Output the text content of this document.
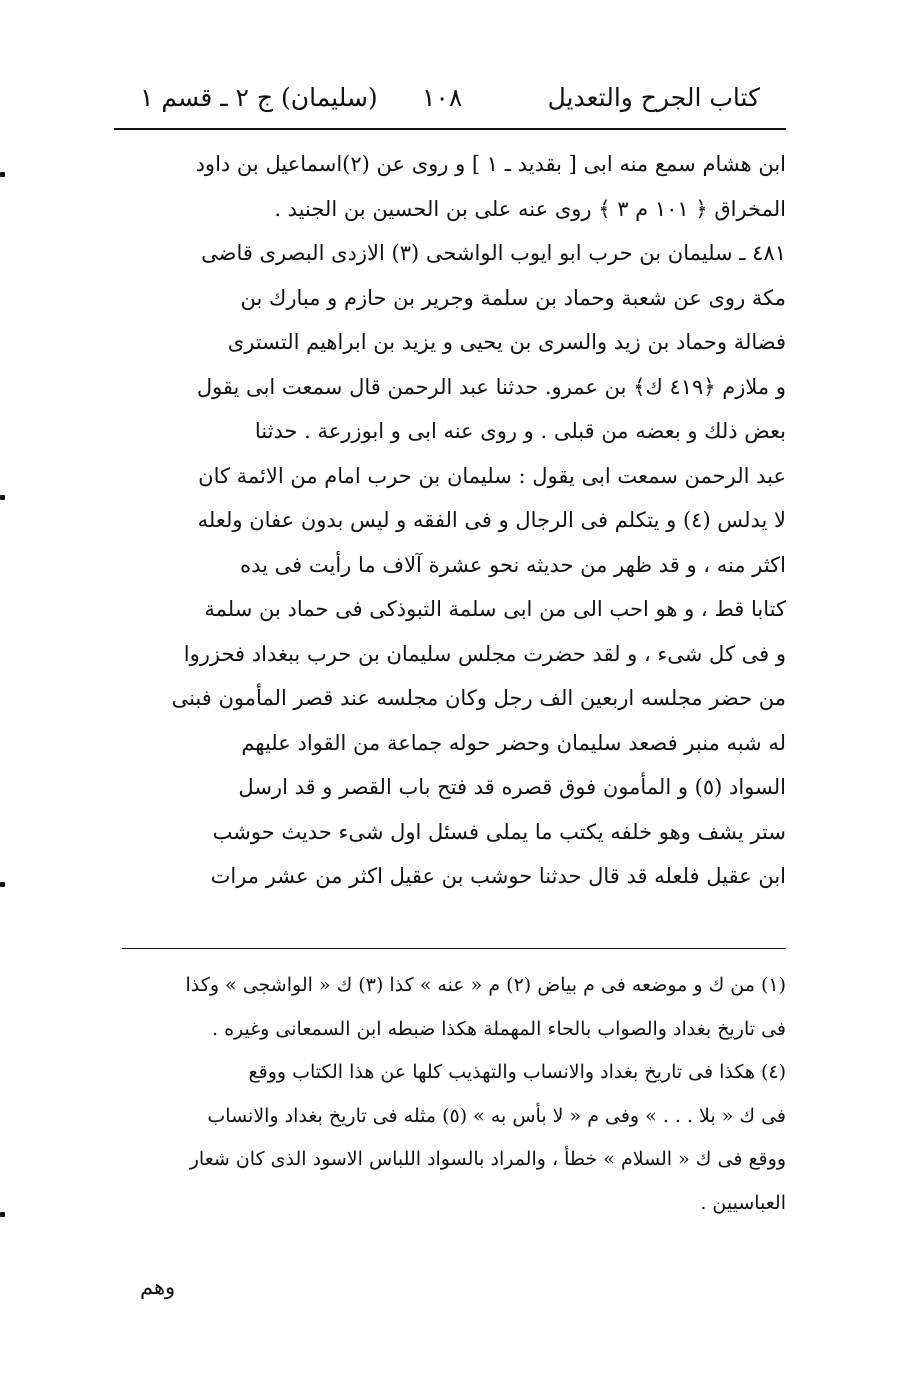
كتاب الجرح والتعديل
١٠٨
(سليمان) ج ٢ ـ قسم ١
ابن هشام سمع منه ابى [ بقديد ـ ١ ] و روى عن (٢)اسماعيل بن داود
المخراق ﴿ ١٠١ م ٣ ﴾ روى عنه على بن الحسين بن الجنيد .
٤٨١ ـ سليمان بن حرب ابو ايوب الواشحى (٣) الازدى البصرى قاضى
مكة روى عن شعبة وحماد بن سلمة وجرير بن حازم و مبارك بن
فضالة وحماد بن زيد والسرى بن يحيى و يزيد بن ابراهيم التسترى
و ملازم ﴿٤١٩ ك﴾ بن عمرو. حدثنا عبد الرحمن قال سمعت ابى يقول
بعض ذلك و بعضه من قبلى . و روى عنه ابى و ابوزرعة . حدثنا
عبد الرحمن سمعت ابى يقول : سليمان بن حرب امام من الائمة كان
لا يدلس (٤) و يتكلم فى الرجال و فى الفقه و ليس بدون عفان ولعله
اكثر منه ، و قد ظهر من حديثه نحو عشرة آلاف ما رأيت فى يده
كتابا قط ، و هو احب الى من ابى سلمة التبوذكى فى حماد بن سلمة
و فى كل شىء ، و لقد حضرت مجلس سليمان بن حرب ببغداد فحزروا
من حضر مجلسه اربعين الف رجل وكان مجلسه عند قصر المأمون فبنى
له شبه منبر فصعد سليمان وحضر حوله جماعة من القواد عليهم
السواد (٥) و المأمون فوق قصره قد فتح باب القصر و قد ارسل
ستر يشف وهو خلفه يكتب ما يملى فسئل اول شىء حديث حوشب
ابن عقيل فلعله قد قال حدثنا حوشب بن عقيل اكثر من عشر مرات
(١) من ك و موضعه فى م بياض (٢) م « عنه » كذا (٣) ك « الواشجى » وكذا
فى تاريخ بغداد والصواب بالحاء المهملة هكذا ضبطه ابن السمعانى وغيره .
(٤) هكذا فى تاريخ بغداد والانساب والتهذيب كلها عن هذا الكتاب ووقع
فى ك « بلا . . . » وفى م « لا بأس به » (٥) مثله فى تاريخ بغداد والانساب
ووقع فى ك « السلام » خطأ ، والمراد بالسواد اللباس الاسود الذى كان شعار
العباسيين .
وهم
